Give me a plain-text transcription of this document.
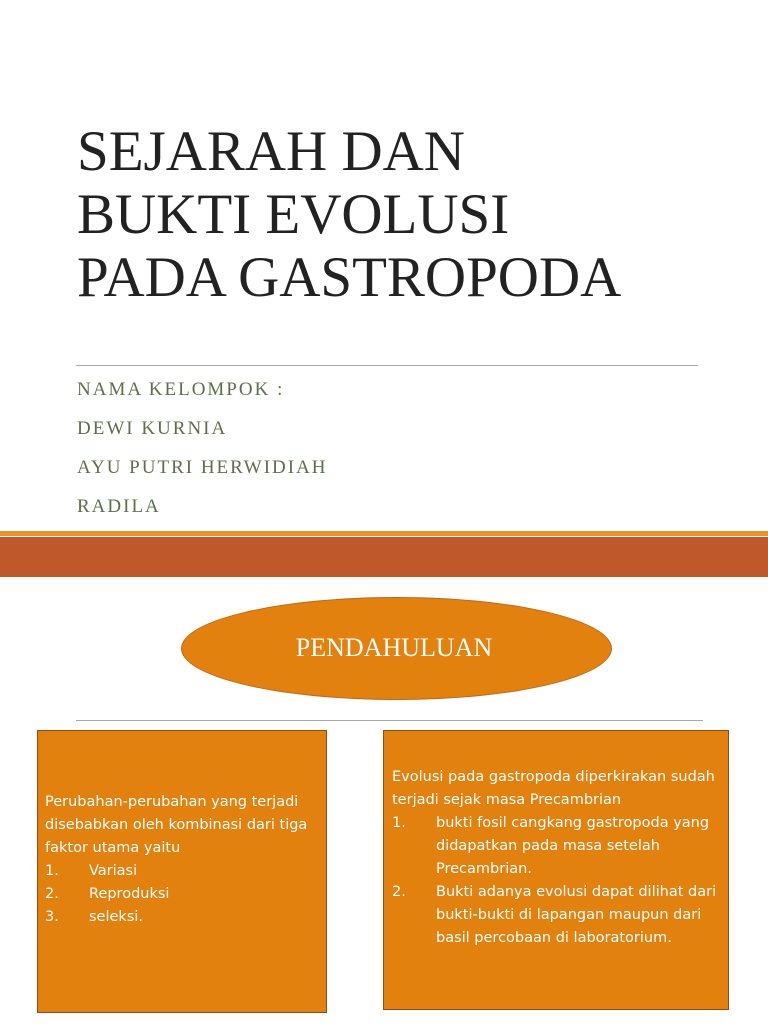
SEJARAH DAN
BUKTI EVOLUSI
PADA GASTROPODA
NAMA KELOMPOK :
DEWI KURNIA
AYU PUTRI HERWIDIAH
RADILA
PENDAHULUAN
Perubahan-perubahan yang terjadi disebabkan oleh kombinasi dari tiga faktor utama yaitu
1.	Variasi
2.	Reproduksi
3.	seleksi.
Evolusi pada gastropoda diperkirakan sudah terjadi sejak masa Precambrian
1.	bukti fosil cangkang gastropoda yang didapatkan pada masa setelah Precambrian.
2.	Bukti adanya evolusi dapat dilihat dari bukti-bukti di lapangan maupun dari basil percobaan di laboratorium.
